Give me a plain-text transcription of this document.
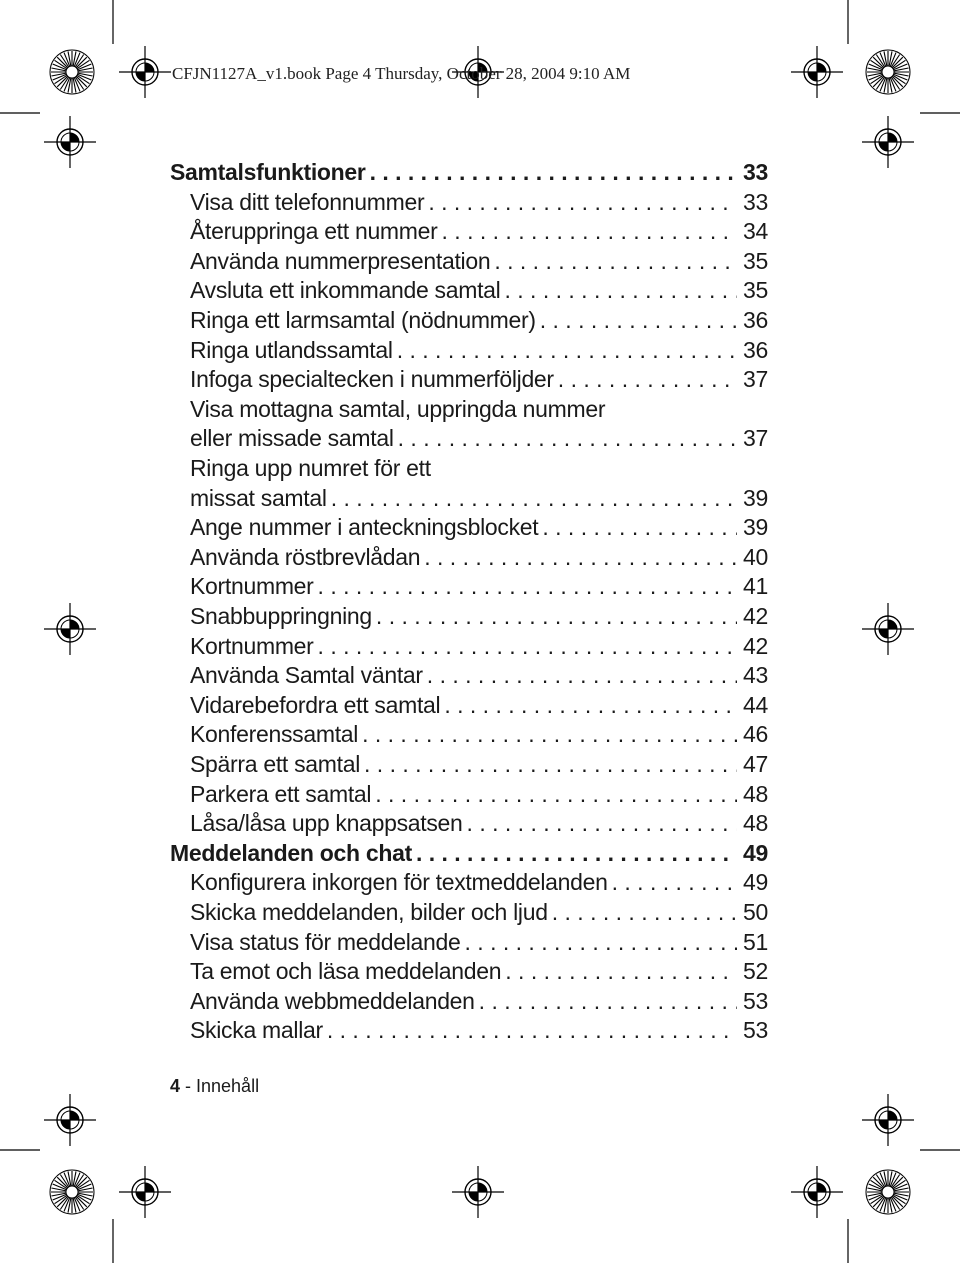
CFJN1127A_v1.book Page 4 Thursday, October 28, 2004 9:10 AM
Samtalsfunktioner . . .	33
Visa ditt telefonnummer . . .	33
Återuppringa ett nummer . . .	34
Använda nummerpresentation . . .	35
Avsluta ett inkommande samtal . . .	35
Ringa ett larmsamtal (nödnummer) . . .	36
Ringa utlandssamtal . . .	36
Infoga specialtecken i nummerföljder . . .	37
Visa mottagna samtal, uppringda nummer
eller missade samtal . . .	37
Ringa upp numret för ett
missat samtal . . .	39
Ange nummer i anteckningsblocket . . .	39
Använda röstbrevlådan . . .	40
Kortnummer . . .	41
Snabbuppringning . . .	42
Kortnummer . . .	42
Använda Samtal väntar . . .	43
Vidarebefordra ett samtal . . .	44
Konferenssamtal . . .	46
Spärra ett samtal . . .	47
Parkera ett samtal . . .	48
Låsa/låsa upp knappsatsen . . .	48
Meddelanden och chat . . .	49
Konfigurera inkorgen för textmeddelanden . . .	49
Skicka meddelanden, bilder och ljud . . .	50
Visa status för meddelande . . .	51
Ta emot och läsa meddelanden . . .	52
Använda webbmeddelanden . . .	53
Skicka mallar . . .	53
4 - Innehåll
